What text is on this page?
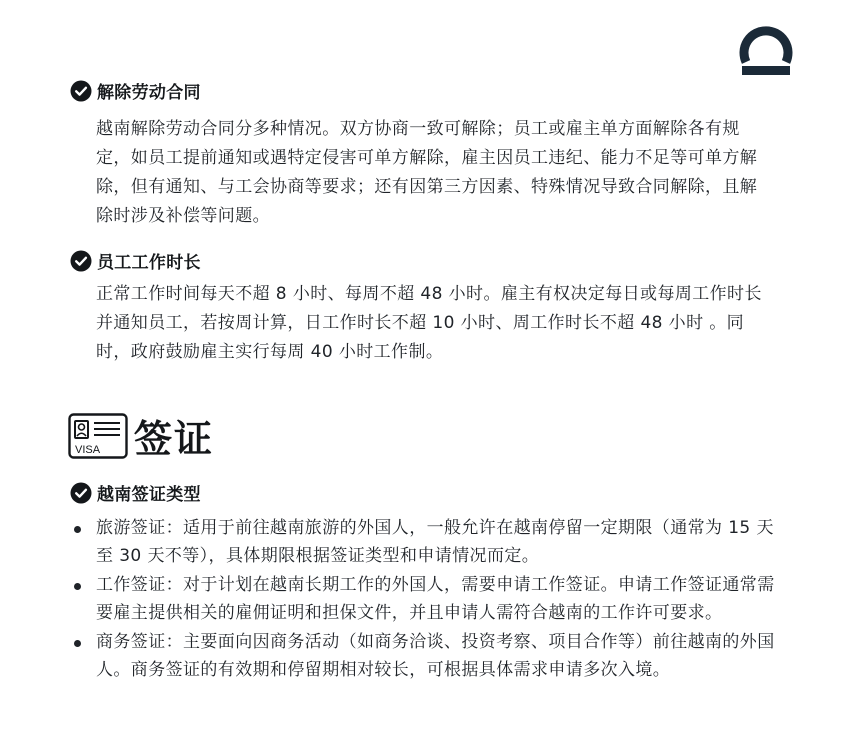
解除劳动合同
越南解除劳动合同分多种情况。双方协商一致可解除；员工或雇主单方面解除各有规定，如员工提前通知或遇特定侵害可单方解除，雇主因员工违纪、能力不足等可单方解除，但有通知、与工会协商等要求；还有因第三方因素、特殊情况导致合同解除，且解除时涉及补偿等问题。
员工工作时长
正常工作时间每天不超 8 小时、每周不超 48 小时。雇主有权决定每日或每周工作时长并通知员工，若按周计算，日工作时长不超 10 小时、周工作时长不超 48 小时 。同时，政府鼓励雇主实行每周 40 小时工作制。
VISA 签证
越南签证类型
旅游签证：适用于前往越南旅游的外国人，一般允许在越南停留一定期限（通常为 15 天至 30 天不等），具体期限根据签证类型和申请情况而定。
工作签证：对于计划在越南长期工作的外国人，需要申请工作签证。申请工作签证通常需要雇主提供相关的雇佣证明和担保文件，并且申请人需符合越南的工作许可要求。
商务签证：主要面向因商务活动（如商务洽谈、投资考察、项目合作等）前往越南的外国人。商务签证的有效期和停留期相对较长，可根据具体需求申请多次入境。
